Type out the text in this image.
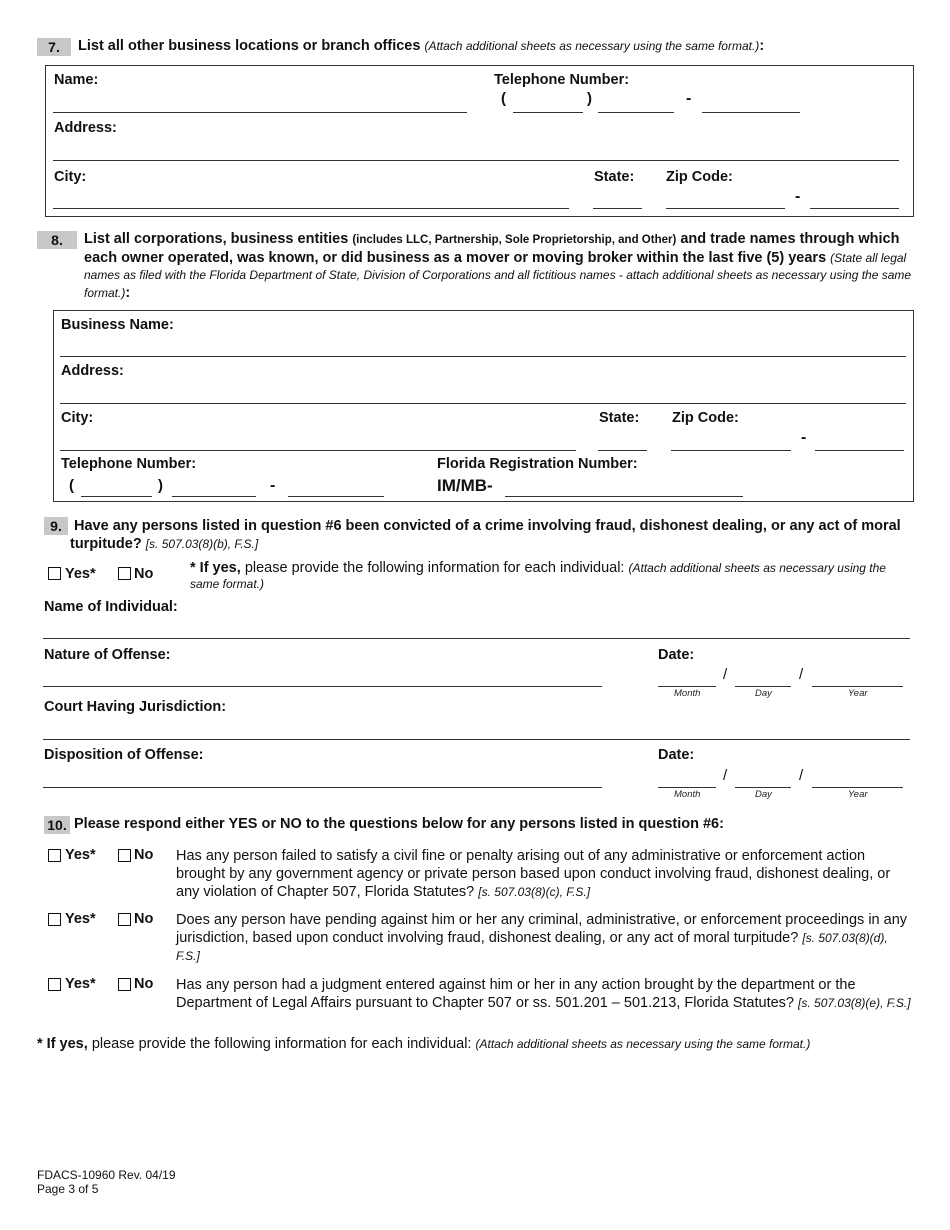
7.	List all other business locations or branch offices (Attach additional sheets as necessary using the same format.):
Name:	Telephone Number:
(	)	-
Address:
City:	State: Zip Code:
-
8.	List all corporations, business entities (includes LLC, Partnership, Sole Proprietorship, and Other) and trade names through which each owner operated, was known, or did business as a mover or moving broker within the last five (5) years (State all legal names as filed with the Florida Department of State, Division of Corporations and all fictitious names - attach additional sheets as necessary using the same format.):
Business Name:
Address:
City:	State: Zip Code:
-
Telephone Number:
(	)	-
Florida Registration Number:
IM/MB-
9. Have any persons listed in question #6 been convicted of a crime involving fraud, dishonest dealing, or any act of moral turpitude? [s. 507.03(8)(b), F.S.]
Yes*	No	* If yes, please provide the following information for each individual: (Attach additional sheets as necessary using the same format.)
Name of Individual:
Nature of Offense:	Date:
/	/
Month	Day	Year
Court Having Jurisdiction:
Disposition of Offense:	Date:
/	/
Month	Day	Year
10. Please respond either YES or NO to the questions below for any persons listed in question #6:
Yes*	No Has any person failed to satisfy a civil fine or penalty arising out of any administrative or enforcement action brought by any government agency or private person based upon conduct involving fraud, dishonest dealing, or any violation of Chapter 507, Florida Statutes? [s. 507.03(8)(c), F.S.]
Yes*	No Does any person have pending against him or her any criminal, administrative, or enforcement proceedings in any jurisdiction, based upon conduct involving fraud, dishonest dealing, or any act of moral turpitude? [s. 507.03(8)(d), F.S.]
Yes*	No Has any person had a judgment entered against him or her in any action brought by the department or the Department of Legal Affairs pursuant to Chapter 507 or ss. 501.201 – 501.213, Florida Statutes? [s. 507.03(8)(e), F.S.]
* If yes, please provide the following information for each individual: (Attach additional sheets as necessary using the same format.)
FDACS-10960 Rev. 04/19
Page 3 of 5
